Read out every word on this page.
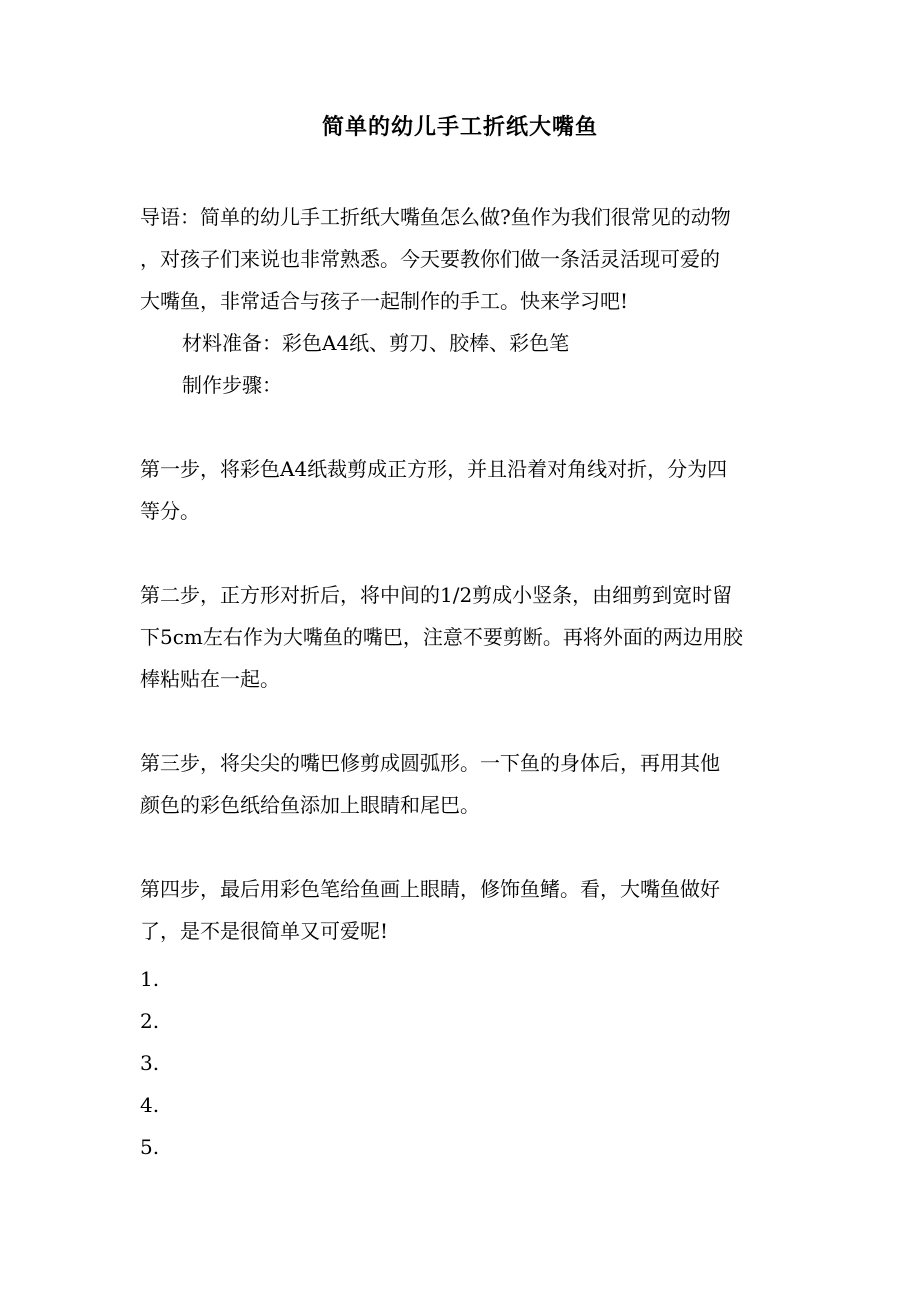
简单的幼儿手工折纸大嘴鱼
导语：简单的幼儿手工折纸大嘴鱼怎么做?鱼作为我们很常见的动物
，对孩子们来说也非常熟悉。今天要教你们做一条活灵活现可爱的
大嘴鱼，非常适合与孩子一起制作的手工。快来学习吧!
材料准备：彩色A4纸、剪刀、胶棒、彩色笔
制作步骤：
第一步，将彩色A4纸裁剪成正方形，并且沿着对角线对折，分为四
等分。
第二步，正方形对折后，将中间的1/2剪成小竖条，由细剪到宽时留
下5cm左右作为大嘴鱼的嘴巴，注意不要剪断。再将外面的两边用胶
棒粘贴在一起。
第三步，将尖尖的嘴巴修剪成圆弧形。一下鱼的身体后，再用其他
颜色的彩色纸给鱼添加上眼睛和尾巴。
第四步，最后用彩色笔给鱼画上眼睛，修饰鱼鳍。看，大嘴鱼做好
了，是不是很简单又可爱呢!
1.
2.
3.
4.
5.
